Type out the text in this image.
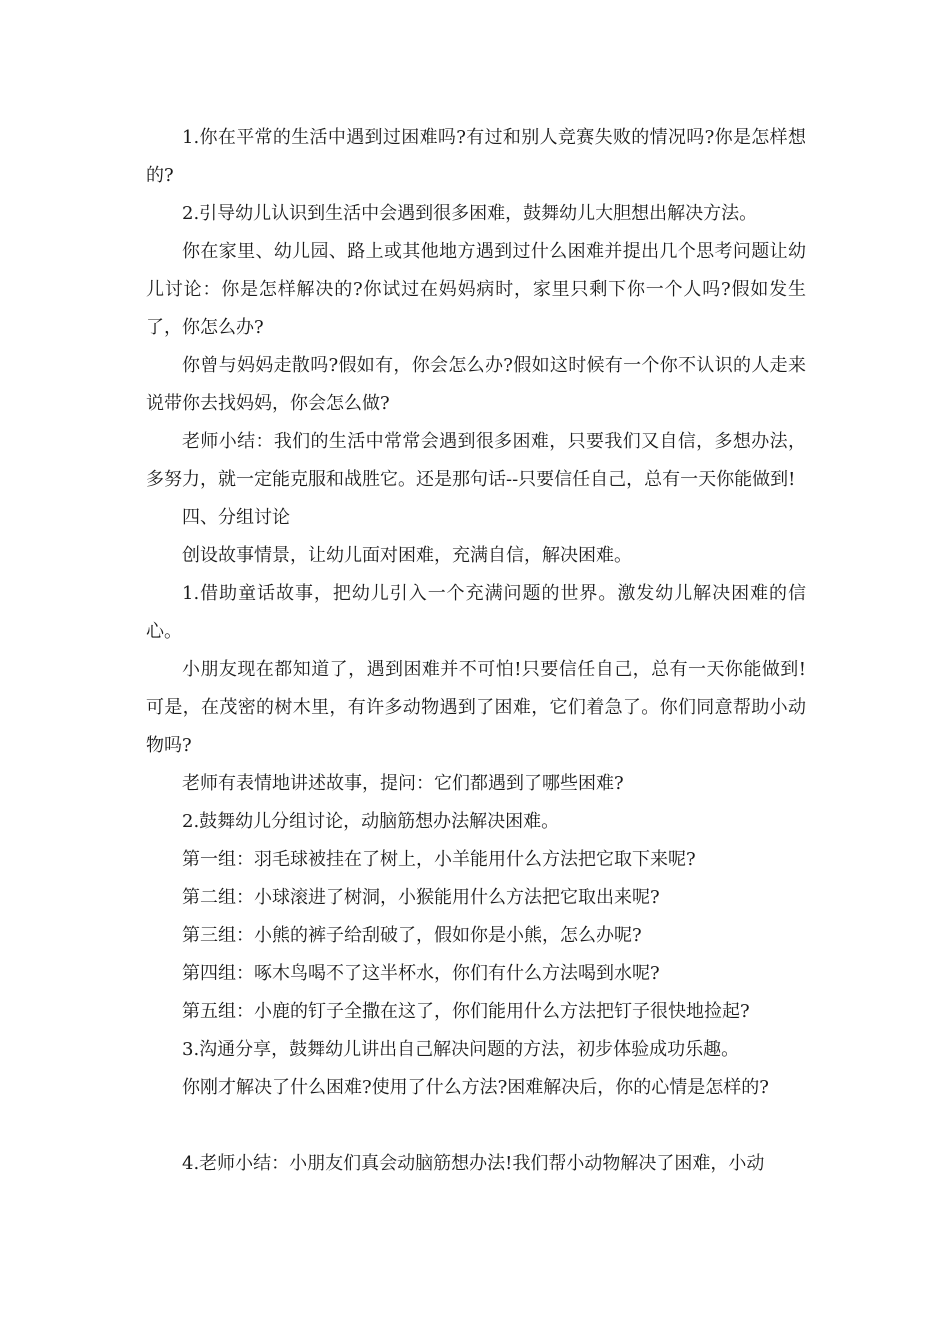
1.你在平常的生活中遇到过困难吗?有过和别人竞赛失败的情况吗?你是怎样想的?

2.引导幼儿认识到生活中会遇到很多困难，鼓舞幼儿大胆想出解决方法。

你在家里、幼儿园、路上或其他地方遇到过什么困难并提出几个思考问题让幼儿讨论：你是怎样解决的?你试过在妈妈病时，家里只剩下你一个人吗?假如发生了，你怎么办?

你曾与妈妈走散吗?假如有，你会怎么办?假如这时候有一个你不认识的人走来说带你去找妈妈，你会怎么做?

老师小结：我们的生活中常常会遇到很多困难，只要我们又自信，多想办法，多努力，就一定能克服和战胜它。还是那句话--只要信任自己，总有一天你能做到!

四、分组讨论

创设故事情景，让幼儿面对困难，充满自信，解决困难。

1.借助童话故事，把幼儿引入一个充满问题的世界。激发幼儿解决困难的信心。

小朋友现在都知道了，遇到困难并不可怕!只要信任自己，总有一天你能做到!可是，在茂密的树木里，有许多动物遇到了困难，它们着急了。你们同意帮助小动物吗?

老师有表情地讲述故事，提问：它们都遇到了哪些困难?

2.鼓舞幼儿分组讨论，动脑筋想办法解决困难。

第一组：羽毛球被挂在了树上，小羊能用什么方法把它取下来呢?

第二组：小球滚进了树洞，小猴能用什么方法把它取出来呢?

第三组：小熊的裤子给刮破了，假如你是小熊，怎么办呢?

第四组：啄木鸟喝不了这半杯水，你们有什么方法喝到水呢?

第五组：小鹿的钉子全撒在这了，你们能用什么方法把钉子很快地捡起?

3.沟通分享，鼓舞幼儿讲出自己解决问题的方法，初步体验成功乐趣。

你刚才解决了什么困难?使用了什么方法?困难解决后，你的心情是怎样的?

4.老师小结：小朋友们真会动脑筋想办法!我们帮小动物解决了困难，小动
